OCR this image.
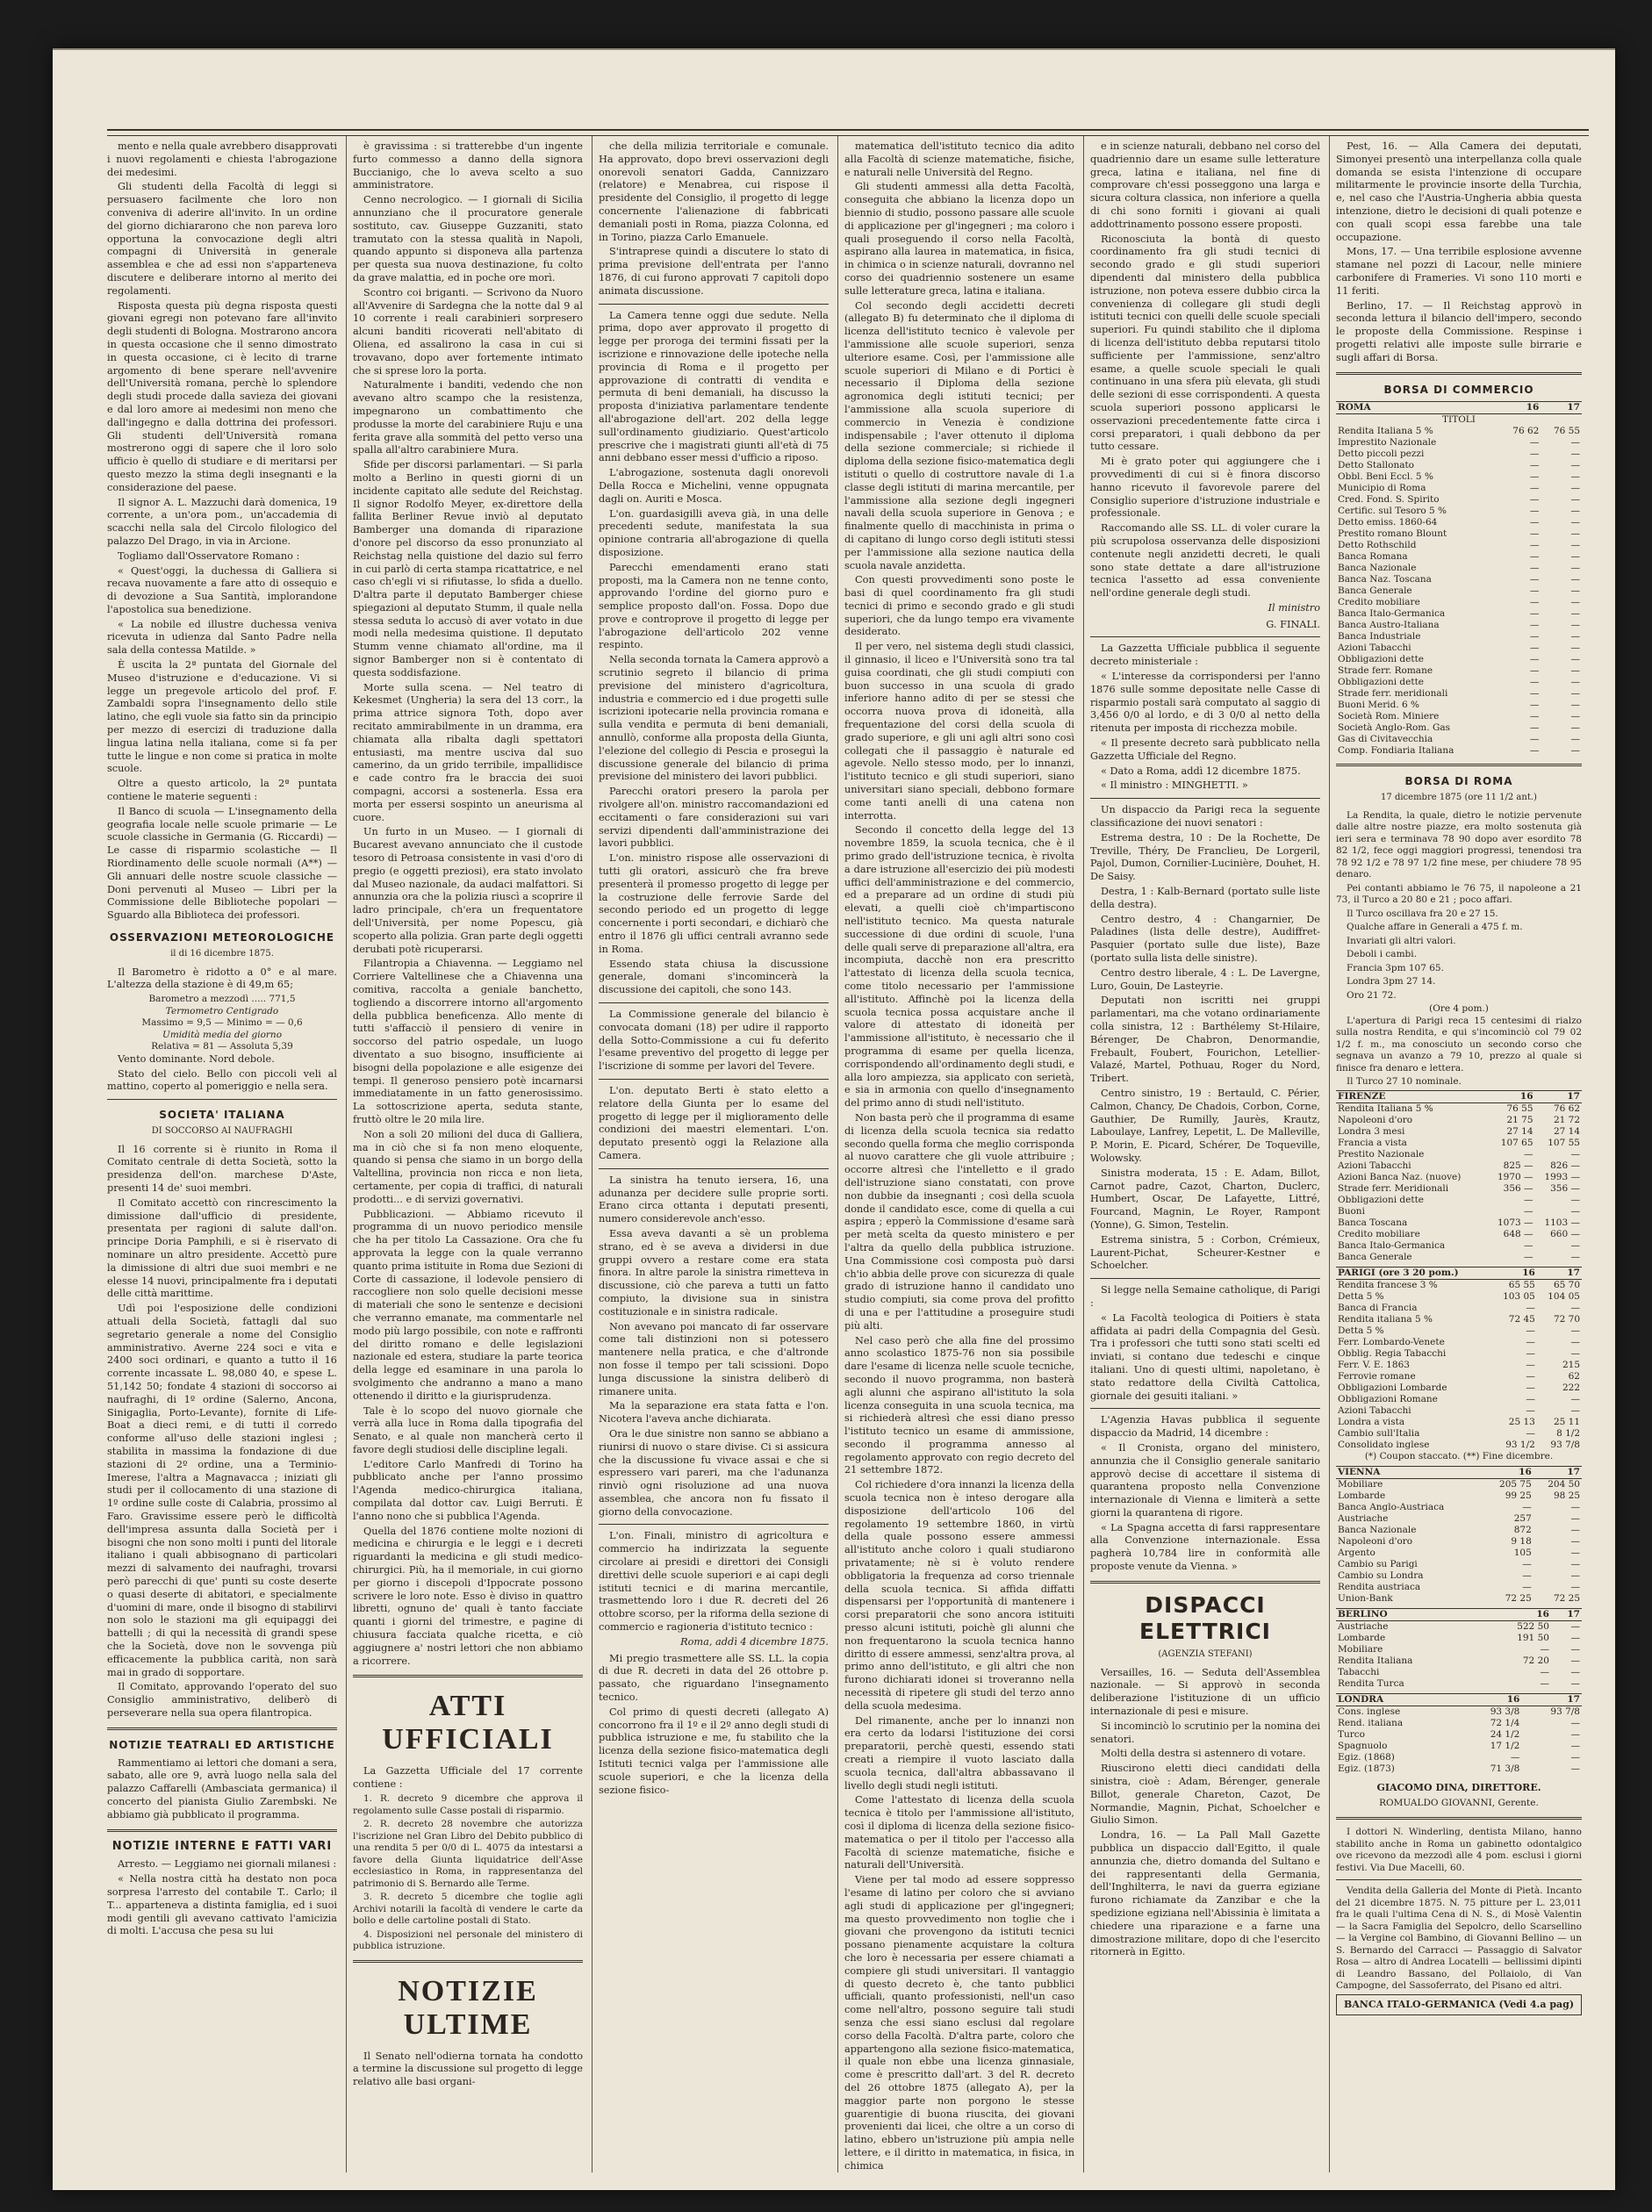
mento e nella quale avrebbero disapprovati i nuovi regolamenti e chiesta l'abrogazione dei medesimi.

Gli studenti della Facoltà di leggi si persuasero facilmente che loro non conveniva di aderire all'invito. In un ordine del giorno dichiararono che non pareva loro opportuna la convocazione degli altri compagni di Università in generale assemblea e che ad essi non s'apparteneva discutere e deliberare intorno al merito dei regolamenti.

Risposta questa più degna risposta questi giovani egregi non potevano fare all'invito degli studenti di Bologna. Mostrarono ancora in questa occasione che il senno dimostrato in questa occasione, ci è lecito di trarne argomento di bene sperare nell'avvenire dell'Università romana, perchè lo splendore degli studi procede dalla savieza dei giovani e dal loro amore ai medesimi non meno che dall'ingegno e dalla dottrina dei professori. Gli studenti dell'Università romana mostrerono oggi di sapere che il loro solo ufficio è quello di studiare e di meritarsi per questo mezzo la stima degli insegnanti e la considerazione del paese.

Il signor A. L. Mazzuchi darà domenica, 19 corrente, a un'ora pom., un'accademia di scacchi nella sala del Circolo filologico del palazzo Del Drago, in via in Arcione.

Togliamo dall'Osservatore Romano :

« Quest'oggi, la duchessa di Galliera si recava nuovamente a fare atto di ossequio e di devozione a Sua Santità, implorandone l'apostolica sua benedizione.

« La nobile ed illustre duchessa veniva ricevuta in udienza dal Santo Padre nella sala della contessa Matilde. »

È uscita la 2ª puntata del Giornale del Museo d'istruzione e d'educazione. Vi si legge un pregevole articolo del prof. F. Zambaldi sopra l'insegnamento dello stile latino, che egli vuole sia fatto sin da principio per mezzo di esercizi di traduzione dalla lingua latina nella italiana, come si fa per tutte le lingue e non come si pratica in molte scuole.

Oltre a questo articolo, la 2ª puntata contiene le materie seguenti :

Il Banco di scuola — L'insegnamento della geografia locale nelle scuole primarie — Le scuole classiche in Germania (G. Riccardi) — Le casse di risparmio scolastiche — Il Riordinamento delle scuole normali (A**) — Gli annuari delle nostre scuole classiche — Doni pervenuti al Museo — Libri per la Commissione delle Biblioteche popolari — Sguardo alla Biblioteca dei professori.

OSSERVAZIONI METEOROLOGICHE
il di 16 dicembre 1875.

Il Barometro è ridotto a 0° e al mare. L'altezza della stazione è di 49,m 65;

Barometro a mezzodì ..... 771,5
Termometro Centigrado
Massimo = 9,5 — Minimo = — 0,6
Umidità media del giorno
Relativa = 81 — Assoluta 5,39

Vento dominante. Nord debole.

Stato del cielo. Bello con piccoli veli al mattino, coperto al pomeriggio e nella sera.

SOCIETA' ITALIANA
DI SOCCORSO AI NAUFRAGHI

Il 16 corrente si è riunito in Roma il Comitato centrale di detta Società, sotto la presidenza dell'on. marchese D'Aste, presenti 14 de' suoi membri.

Il Comitato accettò con rincrescimento la dimissione dall'ufficio di presidente, presentata per ragioni di salute dall'on. principe Doria Pamphili, e si è riservato di nominare un altro presidente. Accettò pure la dimissione di altri due suoi membri e ne elesse 14 nuovi, principalmente fra i deputati delle città marittime.

Udì poi l'esposizione delle condizioni attuali della Società, fattagli dal suo segretario generale a nome del Consiglio amministrativo. Averne 224 soci e vita e 2400 soci ordinari, e quanto a tutto il 16 corrente incassate L. 98,080 40, e spese L. 51,142 50; fondate 4 stazioni di soccorso ai naufraghi, di 1º ordine (Salerno, Ancona, Sinigaglia, Porto-Levante), fornite di Life-Boat a dieci remi, e di tutti il corredo conforme all'uso delle stazioni inglesi ; stabilita in massima la fondazione di due stazioni di 2º ordine, una a Terminio-Imerese, l'altra a Magnavacca ; iniziati gli studi per il collocamento di una stazione di 1º ordine sulle coste di Calabria, prossimo al Faro. Gravissime essere però le difficoltà dell'impresa assunta dalla Società per i bisogni che non sono molti i punti del litorale italiano i quali abbisognano di particolari mezzi di salvamento dei naufraghi, trovarsi però parecchi di que' punti su coste deserte o quasi deserte di abitatori, e specialmente d'uomini di mare, onde il bisogno di stabilirvi non solo le stazioni ma gli equipaggi dei battelli ; di qui la necessità di grandi spese che la Società, dove non le sovvenga più efficacemente la pubblica carità, non sarà mai in grado di sopportare.

Il Comitato, approvando l'operato del suo Consiglio amministrativo, deliberò di perseverare nella sua opera filantropica.

NOTIZIE TEATRALI ED ARTISTICHE

Rammentiamo ai lettori che domani a sera, sabato, alle ore 9, avrà luogo nella sala del palazzo Caffarelli (Ambasciata germanica) il concerto del pianista Giulio Zarembski. Ne abbiamo già pubblicato il programma.

NOTIZIE INTERNE E FATTI VARI

Arresto. — Leggiamo nei giornali milanesi :

« Nella nostra città ha destato non poca sorpresa l'arresto del contabile T.. Carlo; il T... apparteneva a distinta famiglia, ed i suoi modi gentili gli avevano cattivato l'amicizia di molti. L'accusa che pesa su lui

è gravissima : si tratterebbe d'un ingente furto commesso a danno della signora Buccianigo, che lo aveva scelto a suo amministratore.

Cenno necrologico. — I giornali di Sicilia annunziano che il procuratore generale sostituto, cav. Giuseppe Guzzaniti, stato tramutato con la stessa qualità in Napoli, quando appunto si disponeva alla partenza per questa sua nuova destinazione, fu colto da grave malattia, ed in poche ore morì.

Scontro coi briganti. — Scrivono da Nuoro all'Avvenire di Sardegna che la notte dal 9 al 10 corrente i reali carabinieri sorpresero alcuni banditi ricoverati nell'abitato di Oliena, ed assalirono la casa in cui si trovavano, dopo aver fortemente intimato che si sprese loro la porta.

Naturalmente i banditi, vedendo che non avevano altro scampo che la resistenza, impegnarono un combattimento che produsse la morte del carabiniere Ruju e una ferita grave alla sommità del petto verso una spalla all'altro carabiniere Mura.

Sfide per discorsi parlamentari. — Si parla molto a Berlino in questi giorni di un incidente capitato alle sedute del Reichstag. Il signor Rodolfo Meyer, ex-direttore della fallita Berliner Revue inviò al deputato Bamberger una domanda di riparazione d'onore pel discorso da esso pronunziato al Reichstag nella quistione del dazio sul ferro in cui parlò di certa stampa ricattatrice, e nel caso ch'egli vi si rifiutasse, lo sfida a duello. D'altra parte il deputato Bamberger chiese spiegazioni al deputato Stumm, il quale nella stessa seduta lo accusò di aver votato in due modi nella medesima quistione. Il deputato Stumm venne chiamato all'ordine, ma il signor Bamberger non si è contentato di questa soddisfazione.

Morte sulla scena. — Nel teatro di Kekesmet (Ungheria) la sera del 13 corr., la prima attrice signora Toth, dopo aver recitato ammirabilmente in un dramma, era chiamata alla ribalta dagli spettatori entusiasti, ma mentre usciva dal suo camerino, da un grido terribile, impallidisce e cade contro fra le braccia dei suoi compagni, accorsi a sostenerla. Essa era morta per essersi sospinto un aneurisma al cuore.

Un furto in un Museo. — I giornali di Bucarest avevano annunciato che il custode tesoro di Petroasa consistente in vasi d'oro di pregio (e oggetti preziosi), era stato involato dal Museo nazionale, da audaci malfattori. Si annunzia ora che la polizia riuscì a scoprire il ladro principale, ch'era un frequentatore dell'Università, per nome Popescu, già scoperto alla polizia. Gran parte degli oggetti derubati potè ricuperarsi.

Filantropia a Chiavenna. — Leggiamo nel Corriere Valtellinese che a Chiavenna una comitiva, raccolta a geniale banchetto, togliendo a discorrere intorno all'argomento della pubblica beneficenza. Allo mente di tutti s'affacciò il pensiero di venire in soccorso del patrio ospedale, un luogo diventato a suo bisogno, insufficiente ai bisogni della popolazione e alle esigenze dei tempi. Il generoso pensiero potè incarnarsi immediatamente in un fatto generosissimo. La sottoscrizione aperta, seduta stante, fruttò oltre le 20 mila lire.

Non a soli 20 milioni del duca di Galliera, ma in ciò che si fa non meno eloquente, quando si pensa che siamo in un borgo della Valtellina, provincia non ricca e non lieta, certamente, per copia di traffici, di naturali prodotti... e di servizi governativi.

Pubblicazioni. — Abbiamo ricevuto il programma di un nuovo periodico mensile che ha per titolo La Cassazione. Ora che fu approvata la legge con la quale verranno quanto prima istituite in Roma due Sezioni di Corte di cassazione, il lodevole pensiero di raccogliere non solo quelle decisioni messe di materiali che sono le sentenze e decisioni che verranno emanate, ma commentarle nel modo più largo possibile, con note e raffronti del diritto romano e delle legislazioni nazionale ed estera, studiare la parte teorica della legge ed esaminare in una parola lo svolgimento che andranno a mano a mano ottenendo il diritto e la giurisprudenza.

Tale è lo scopo del nuovo giornale che verrà alla luce in Roma dalla tipografia del Senato, e al quale non mancherà certo il favore degli studiosi delle discipline legali.

L'editore Carlo Manfredi di Torino ha pubblicato anche per l'anno prossimo l'Agenda medico-chirurgica italiana, compilata dal dottor cav. Luigi Berruti. È l'anno nono che si pubblica l'Agenda.

Quella del 1876 contiene molte nozioni di medicina e chirurgia e le leggi e i decreti riguardanti la medicina e gli studi medico-chirurgici. Più, ha il memoriale, in cui giorno per giorno i discepoli d'Ippocrate possono scrivere le loro note. Esso è diviso in quattro libretti, ognuno de' quali è tanto facciate quanti i giorni del trimestre, e pagine di chiusura facciata qualche ricetta, e ciò aggiugnere a' nostri lettori che non abbiamo a ricorrere.

ATTI UFFICIALI

La Gazzetta Ufficiale del 17 corrente contiene :

1. R. decreto 9 dicembre che approva il regolamento sulle Casse postali di risparmio.

2. R. decreto 28 novembre che autorizza l'iscrizione nel Gran Libro del Debito pubblico di una rendita 5 per 0/0 di L. 4075 da intestarsi a favore della Giunta liquidatrice dell'Asse ecclesiastico in Roma, in rappresentanza del patrimonio di S. Bernardo alle Terme.

3. R. decreto 5 dicembre che toglie agli Archivi notarili la facoltà di vendere le carte da bollo e delle cartoline postali di Stato.

4. Disposizioni nel personale del ministero di pubblica istruzione.

NOTIZIE ULTIME

Il Senato nell'odierna tornata ha condotto a termine la discussione sul progetto di legge relativo alle basi organi-

che della milizia territoriale e comunale. Ha approvato, dopo brevi osservazioni degli onorevoli senatori Gadda, Cannizzaro (relatore) e Menabrea, cui rispose il presidente del Consiglio, il progetto di legge concernente l'alienazione di fabbricati demaniali posti in Roma, piazza Colonna, ed in Torino, piazza Carlo Emanuele.

S'intraprese quindi a discutere lo stato di prima previsione dell'entrata per l'anno 1876, di cui furono approvati 7 capitoli dopo animata discussione.

La Camera tenne oggi due sedute. Nella prima, dopo aver approvato il progetto di legge per proroga dei termini fissati per la iscrizione e rinnovazione delle ipoteche nella provincia di Roma e il progetto per approvazione di contratti di vendita e permuta di beni demaniali, ha discusso la proposta d'iniziativa parlamentare tendente all'abrogazione dell'art. 202 della legge sull'ordinamento giudiziario. Quest'articolo prescrive che i magistrati giunti all'età di 75 anni debbano esser messi d'ufficio a riposo.

L'abrogazione, sostenuta dagli onorevoli Della Rocca e Michelini, venne oppugnata dagli on. Auriti e Mosca.

L'on. guardasigilli aveva già, in una delle precedenti sedute, manifestata la sua opinione contraria all'abrogazione di quella disposizione.

Parecchi emendamenti erano stati proposti, ma la Camera non ne tenne conto, approvando l'ordine del giorno puro e semplice proposto dall'on. Fossa. Dopo due prove e controprove il progetto di legge per l'abrogazione dell'articolo 202 venne respinto.

Nella seconda tornata la Camera approvò a scrutinio segreto il bilancio di prima previsione del ministero d'agricoltura, industria e commercio ed i due progetti sulle iscrizioni ipotecarie nella provincia romana e sulla vendita e permuta di beni demaniali, annullò, conforme alla proposta della Giunta, l'elezione del collegio di Pescia e proseguì la discussione generale del bilancio di prima previsione del ministero dei lavori pubblici.

Parecchi oratori presero la parola per rivolgere all'on. ministro raccomandazioni ed eccitamenti o fare considerazioni sui vari servizi dipendenti dall'amministrazione dei lavori pubblici.

L'on. ministro rispose alle osservazioni di tutti gli oratori, assicurò che fra breve presenterà il promesso progetto di legge per la costruzione delle ferrovie Sarde del secondo periodo ed un progetto di legge concernente i porti secondari, e dichiarò che entro il 1876 gli uffici centrali avranno sede in Roma.

Essendo stata chiusa la discussione generale, domani s'incomincerà la discussione dei capitoli, che sono 143.

La Commissione generale del bilancio è convocata domani (18) per udire il rapporto della Sotto-Commissione a cui fu deferito l'esame preventivo del progetto di legge per l'iscrizione di somme per lavori del Tevere.

L'on. deputato Berti è stato eletto a relatore della Giunta per lo esame del progetto di legge per il miglioramento delle condizioni dei maestri elementari. L'on. deputato presentò oggi la Relazione alla Camera.

La sinistra ha tenuto iersera, 16, una adunanza per decidere sulle proprie sorti. Erano circa ottanta i deputati presenti, numero considerevole anch'esso.

Essa aveva davanti a sè un problema strano, ed è se aveva a dividersi in due gruppi ovvero a restare come era stata finora. In altre parole la sinistra rimetteva in discussione, ciò che pareva a tutti un fatto compiuto, la divisione sua in sinistra costituzionale e in sinistra radicale.

Non avevano poi mancato di far osservare come tali distinzioni non si potessero mantenere nella pratica, e che d'altronde non fosse il tempo per tali scissioni. Dopo lunga discussione la sinistra deliberò di rimanere unita.

Ma la separazione era stata fatta e l'on. Nicotera l'aveva anche dichiarata.

Ora le due sinistre non sanno se abbiano a riunirsi di nuovo o stare divise. Ci si assicura che la discussione fu vivace assai e che si espressero vari pareri, ma che l'adunanza rinviò ogni risoluzione ad una nuova assemblea, che ancora non fu fissato il giorno della convocazione.

L'on. Finali, ministro di agricoltura e commercio ha indirizzata la seguente circolare ai presidi e direttori dei Consigli direttivi delle scuole superiori e ai capi degli istituti tecnici e di marina mercantile, trasmettendo loro i due R. decreti del 26 ottobre scorso, per la riforma della sezione di commercio e ragioneria d'istituto tecnico :

Roma, addì 4 dicembre 1875.

Mi pregio trasmettere alle SS. LL. la copia di due R. decreti in data del 26 ottobre p. passato, che riguardano l'insegnamento tecnico.

Col primo di questi decreti (allegato A) concorrono fra il 1º e il 2º anno degli studi di pubblica istruzione e me, fu stabilito che la licenza della sezione fisico-matematica degli Istituti tecnici valga per l'ammissione alle scuole superiori, e che la licenza della sezione fisico-

matematica dell'istituto tecnico dia adito alla Facoltà di scienze matematiche, fisiche, e naturali nelle Università del Regno.

Gli studenti ammessi alla detta Facoltà, conseguita che abbiano la licenza dopo un biennio di studio, possono passare alle scuole di applicazione per gl'ingegneri ; ma coloro i quali proseguendo il corso nella Facoltà, aspirano alla laurea in matematica, in fisica, in chimica o in scienze naturali, dovranno nel corso dei quadriennio sostenere un esame sulle letterature greca, latina e italiana.

Col secondo degli accidetti decreti (allegato B) fu determinato che il diploma di licenza dell'istituto tecnico è valevole per l'ammissione alle scuole superiori, senza ulteriore esame. Così, per l'ammissione alle scuole superiori di Milano e di Portici è necessario il Diploma della sezione agronomica degli istituti tecnici; per l'ammissione alla scuola superiore di commercio in Venezia è condizione indispensabile ; l'aver ottenuto il diploma della sezione commerciale; si richiede il diploma della sezione fisico-matematica degli istituti o quello di costruttore navale di 1.a classe degli istituti di marina mercantile, per l'ammissione alla sezione degli ingegneri navali della scuola superiore in Genova ; e finalmente quello di macchinista in prima o di capitano di lungo corso degli istituti stessi per l'ammissione alla sezione nautica della scuola navale anzidetta.

Con questi provvedimenti sono poste le basi di quel coordinamento fra gli studi tecnici di primo e secondo grado e gli studi superiori, che da lungo tempo era vivamente desiderato.

Il per vero, nel sistema degli studi classici, il ginnasio, il liceo e l'Università sono tra tal guisa coordinati, che gli studi compiuti con buon successo in una scuola di grado inferiore hanno adito di per se stessi che occorra nuova prova di idoneità, alla frequentazione del corsi della scuola di grado superiore, e gli uni agli altri sono così collegati che il passaggio è naturale ed agevole. Nello stesso modo, per lo innanzi, l'istituto tecnico e gli studi superiori, siano universitari siano speciali, debbono formare come tanti anelli di una catena non interrotta.

Secondo il concetto della legge del 13 novembre 1859, la scuola tecnica, che è il primo grado dell'istruzione tecnica, è rivolta a dare istruzione all'esercizio dei più modesti uffici dell'amministrazione e del commercio, ed a preparare ad un ordine di studi più elevati, a quelli cioè ch'impartiscono nell'istituto tecnico. Ma questa naturale successione di due ordini di scuole, l'una delle quali serve di preparazione all'altra, era incompiuta, dacchè non era prescritto l'attestato di licenza della scuola tecnica, come titolo necessario per l'ammissione all'istituto. Affinchè poi la licenza della scuola tecnica possa acquistare anche il valore di attestato di idoneità per l'ammissione all'istituto, è necessario che il programma di esame per quella licenza, corrispondendo all'ordinamento degli studi, e alla loro ampiezza, sia applicato con serietà, e sia in armonia con quello d'insegnamento del primo anno di studi nell'istituto.

Non basta però che il programma di esame di licenza della scuola tecnica sia redatto secondo quella forma che meglio corrisponda al nuovo carattere che gli vuole attribuire ; occorre altresì che l'intelletto e il grado dell'istruzione siano constatati, con prove non dubbie da insegnanti ; così della scuola donde il candidato esce, come di quella a cui aspira ; epperò la Commissione d'esame sarà per metà scelta da questo ministero e per l'altra da quello della pubblica istruzione. Una Commissione così composta può darsi ch'io abbia delle prove con sicurezza di quale grado di istruzione hanno il candidato uno studio compiuti, sia come prova del profitto di una e per l'attitudine a proseguire studi più alti.

Nel caso però che alla fine del prossimo anno scolastico 1875-76 non sia possibile dare l'esame di licenza nelle scuole tecniche, secondo il nuovo programma, non basterà agli alunni che aspirano all'istituto la sola licenza conseguita in una scuola tecnica, ma si richiederà altresì che essi diano presso l'istituto tecnico un esame di ammissione, secondo il programma annesso al regolamento approvato con regio decreto del 21 settembre 1872.

Col richiedere d'ora innanzi la licenza della scuola tecnica non è inteso derogare alla disposizione dell'articolo 106 del regolamento 19 settembre 1860, in virtù della quale possono essere ammessi all'istituto anche coloro i quali studiarono privatamente; nè si è voluto rendere obbligatoria la frequenza ad corso triennale della scuola tecnica. Si affida diffatti dispensarsi per l'opportunità di mantenere i corsi preparatorii che sono ancora istituiti presso alcuni istituti, poichè gli alunni che non frequentarono la scuola tecnica hanno diritto di essere ammessi, senz'altra prova, al primo anno dell'istituto, e gli altri che non furono dichiarati idonei si troveranno nella necessità di ripetere gli studi del terzo anno della scuola medesima.

Del rimanente, anche per lo innanzi non era certo da lodarsi l'istituzione dei corsi preparatorii, perchè questi, essendo stati creati a riempire il vuoto lasciato dalla scuola tecnica, dall'altra abbassavano il livello degli studi negli istituti.

Come l'attestato di licenza della scuola tecnica è titolo per l'ammissione all'istituto, così il diploma di licenza della sezione fisico-matematica o per il titolo per l'accesso alla Facoltà di scienze matematiche, fisiche e naturali dell'Università.

Viene per tal modo ad essere soppresso l'esame di latino per coloro che si avviano agli studi di applicazione per gl'ingegneri; ma questo provvedimento non toglie che i giovani che provengono da istituti tecnici possano pienamente acquistare la coltura che loro è necessaria per essere chiamati a compiere gli studi universitari. Il vantaggio di questo decreto è, che tanto pubblici ufficiali, quanto professionisti, nell'un caso come nell'altro, possono seguire tali studi senza che essi siano esclusi dal regolare corso della Facoltà. D'altra parte, coloro che appartengono alla sezione fisico-matematica, il quale non ebbe una licenza ginnasiale, come è prescritto dall'art. 3 del R. decreto del 26 ottobre 1875 (allegato A), per la maggior parte non porgono le stesse guarentigie di buona riuscita, dei giovani provenienti dai licei, che oltre a un corso di latino, ebbero un'istruzione più ampia nelle lettere, e il diritto in matematica, in fisica, in chimica

e in scienze naturali, debbano nel corso del quadriennio dare un esame sulle letterature greca, latina e italiana, nel fine di comprovare ch'essi posseggono una larga e sicura coltura classica, non inferiore a quella di chi sono forniti i giovani ai quali addottrinamento possono essere proposti.

Riconosciuta la bontà di questo coordinamento fra gli studi tecnici di secondo grado e gli studi superiori dipendenti dal ministero della pubblica istruzione, non poteva essere dubbio circa la convenienza di collegare gli studi degli istituti tecnici con quelli delle scuole speciali superiori. Fu quindi stabilito che il diploma di licenza dell'istituto debba reputarsi titolo sufficiente per l'ammissione, senz'altro esame, a quelle scuole speciali le quali continuano in una sfera più elevata, gli studi delle sezioni di esse corrispondenti. A questa scuola superiori possono applicarsi le osservazioni precedentemente fatte circa i corsi preparatori, i quali debbono da per tutto cessare.

Mi è grato poter qui aggiungere che i provvedimenti di cui si è finora discorso hanno ricevuto il favorevole parere del Consiglio superiore d'istruzione industriale e professionale.

Raccomando alle SS. LL. di voler curare la più scrupolosa osservanza delle disposizioni contenute negli anzidetti decreti, le quali sono state dettate a dare all'istruzione tecnica l'assetto ad essa conveniente nell'ordine generale degli studi.

Il ministro
G. FINALI.

La Gazzetta Ufficiale pubblica il seguente decreto ministeriale :

« L'interesse da corrispondersi per l'anno 1876 sulle somme depositate nelle Casse di risparmio postali sarà computato al saggio di 3,456 0/0 al lordo, e di 3 0/0 al netto della ritenuta per imposta di ricchezza mobile.

« Il presente decreto sarà pubblicato nella Gazzetta Ufficiale del Regno.

« Dato a Roma, addì 12 dicembre 1875.

« Il ministro : MINGHETTI. »

Un dispaccio da Parigi reca la seguente classificazione dei nuovi senatori :

Estrema destra, 10 : De la Rochette, De Treville, Théry, De Franclieu, De Lorgeril, Pajol, Dumon, Cornilier-Lucinière, Douhet, H. De Saisy.

Destra, 1 : Kalb-Bernard (portato sulle liste della destra).

Centro destro, 4 : Changarnier, De Paladines (lista delle destre), Audiffret-Pasquier (portato sulle due liste), Baze (portato sulla lista delle sinistre).

Centro destro liberale, 4 : L. De Lavergne, Luro, Gouin, De Lasteyrie.

Deputati non iscritti nei gruppi parlamentari, ma che votano ordinariamente colla sinistra, 12 : Barthélemy St-Hilaire, Bérenger, De Chabron, Denormandie, Frebault, Foubert, Fourichon, Letellier-Valazé, Martel, Pothuau, Roger du Nord, Tribert.

Centro sinistro, 19 : Bertauld, C. Périer, Calmon, Chancy, De Chadois, Corbon, Corne, Gauthier, De Rumilly, Jaurès, Krautz, Laboulaye, Lanfrey, Lepetit, L. De Malleville, P. Morin, E. Picard, Schérer, De Toqueville, Wolowsky.

Sinistra moderata, 15 : E. Adam, Billot, Carnot padre, Cazot, Charton, Duclerc, Humbert, Oscar, De Lafayette, Littré, Fourcand, Magnin, Le Royer, Rampont (Yonne), G. Simon, Testelin.

Estrema sinistra, 5 : Corbon, Crémieux, Laurent-Pichat, Scheurer-Kestner e Schoelcher.

Si legge nella Semaine catholique, di Parigi :

« La Facoltà teologica di Poitiers è stata affidata ai padri della Compagnia del Gesù. Tra i professori che tutti sono stati scelti ed inviati, si contano due tedeschi e cinque italiani. Uno di questi ultimi, napoletano, è stato redattore della Civiltà Cattolica, giornale dei gesuiti italiani. »

L'Agenzia Havas pubblica il seguente dispaccio da Madrid, 14 dicembre :

« Il Cronista, organo del ministero, annunzia che il Consiglio generale sanitario approvò decise di accettare il sistema di quarantena proposto nella Convenzione internazionale di Vienna e limiterà a sette giorni la quarantena di rigore.

« La Spagna accetta di farsi rappresentare alla Convenzione internazionale. Essa pagherà 10,784 lire in conformità alle proposte venute da Vienna. »

DISPACCI ELETTRICI
(AGENZIA STEFANI)

Versailles, 16. — Seduta dell'Assemblea nazionale. — Si approvò in seconda deliberazione l'istituzione di un ufficio internazionale di pesi e misure.

Si incominciò lo scrutinio per la nomina dei senatori.

Molti della destra si astennero di votare.

Riuscirono eletti dieci candidati della sinistra, cioè : Adam, Bérenger, generale Billot, generale Chareton, Cazot, De Normandie, Magnin, Pichat, Schoelcher e Giulio Simon.

Londra, 16. — La Pall Mall Gazette pubblica un dispaccio dall'Egitto, il quale annunzia che, dietro domanda del Sultano e dei rappresentanti della Germania, dell'Inghilterra, le navi da guerra egiziane furono richiamate da Zanzibar e che la spedizione egiziana nell'Abissinia è limitata a chiedere una riparazione e a farne una dimostrazione militare, dopo di che l'esercito ritornerà in Egitto.

Pest, 16. — Alla Camera dei deputati, Simonyei presentò una interpellanza colla quale domanda se esista l'intenzione di occupare militarmente le provincie insorte della Turchia, e, nel caso che l'Austria-Ungheria abbia questa intenzione, dietro le decisioni di quali potenze e con quali scopi essa farebbe una tale occupazione.

Mons, 17. — Una terribile esplosione avvenne stamane nel pozzi di Lacour, nelle miniere carbonifere di Frameries. Vi sono 110 morti e 11 feriti.

Berlino, 17. — Il Reichstag approvò in seconda lettura il bilancio dell'impero, secondo le proposte della Commissione. Respinse i progetti relativi alle imposte sulle birrarie e sugli affari di Borsa.

BORSA DI COMMERCIO
ROMA	16	17
TITOLI		
Rendita Italiana 5 %	76 62	76 55
Imprestito Nazionale	—	—
Detto piccoli pezzi	—	—
Detto Stallonato	—	—
Obbl. Beni Eccl. 5 %	—	—
Municipio di Roma	—	—
Cred. Fond. S. Spirito	—	—
Certific. sul Tesoro 5 %	—	—
Detto emiss. 1860-64	—	—
Prestito romano Blount	—	—
Detto Rothschild	—	—
Banca Romana	—	—
Banca Nazionale	—	—
Banca Naz. Toscana	—	—
Banca Generale	—	—
Credito mobiliare	—	—
Banca Italo-Germanica	—	—
Banca Austro-Italiana	—	—
Banca Industriale	—	—
Azioni Tabacchi	—	—
Obbligazioni dette	—	—
Strade ferr. Romane	—	—
Obbligazioni dette	—	—
Strade ferr. meridionali	—	—
Buoni Merid. 6 %	—	—
Società Rom. Miniere	—	—
Società Anglo-Rom. Gas	—	—
Gas di Civitavecchia	—	—
Comp. Fondiaria Italiana	—	—
BORSA DI ROMA
17 dicembre 1875 (ore 11 1/2 ant.)

La Rendita, la quale, dietro le notizie pervenute dalle altre nostre piazze, era molto sostenuta già ieri sera e terminava 78 90 dopo aver esordito 78 82 1/2, fece oggi maggiori progressi, tenendosi tra 78 92 1/2 e 78 97 1/2 fine mese, per chiudere 78 95 denaro.

Pei contanti abbiamo le 76 75, il napoleone a 21 73, il Turco a 20 80 e 21 ; poco affari.

Il Turco oscillava fra 20 e 27 15.

Qualche affare in Generali a 475 f. m.

Invariati gli altri valori.

Deboli i cambi.

Francia 3pm 107 65.

Londra 3pm 27 14.

Oro 21 72.

(Ore 4 pom.)

L'apertura di Parigi reca 15 centesimi di rialzo sulla nostra Rendita, e qui s'incominciò col 79 02 1/2 f. m., ma conosciuto un secondo corso che segnava un avanzo a 79 10, prezzo al quale si finisce fra denaro e lettera.

Il Turco 27 10 nominale.

FIRENZE	16	17
Rendita Italiana 5 %	76 55	76 62
Napoleoni d'oro	21 75	21 72
Londra 3 mesi	27 14	27 14
Francia a vista	107 65	107 55
Prestito Nazionale	—	—
Azioni Tabacchi	825 —	826 —
Azioni Banca Naz. (nuove)	1970 —	1993 —
Strade ferr. Meridionali	356 —	356 —
Obbligazioni dette	—	—
Buoni	—	—
Banca Toscana	1073 —	1103 —
Credito mobiliare	648 —	660 —
Banca Italo-Germanica	—	—
Banca Generale	—	—
PARIGI (ore 3 20 pom.)	16	17
Rendita francese 3 %	65 55	65 70
Detta 5 %	103 05	104 05
Banca di Francia	—	—
Rendita italiana 5 %	72 45	72 70
Detta 5 %	—	—
Ferr. Lombardo-Venete	—	—
Obblig. Regia Tabacchi	—	—
Ferr. V. E. 1863	—	215
Ferrovie romane	—	62
Obbligazioni Lombarde	—	222
Obbligazioni Romane	—	—
Azioni Tabacchi	—	—
Londra a vista	25 13	25 11
Cambio sull'Italia	—	8 1/2
Consolidato inglese	93 1/2	93 7/8
(*) Coupon staccato. (**) Fine dicembre.
VIENNA	16	17
Mobiliare	205 75	204 50
Lombarde	99 25	98 25
Banca Anglo-Austriaca	—	—
Austriache	257	—
Banca Nazionale	872	—
Napoleoni d'oro	9 18	—
Argento	105	—
Cambio su Parigi	—	—
Cambio su Londra	—	—
Rendita austriaca	—	—
Union-Bank	72 25	72 25
BERLINO	16	17
Austriache	522 50	—
Lombarde	191 50	—
Mobiliare	—	—
Rendita Italiana	72 20	—
Tabacchi	—	—
Rendita Turca	—	—
LONDRA	16	17
Cons. inglese	93 3/8	93 7/8
Rend. italiana	72 1/4	—
Turco	24 1/2	—
Spagnuolo	17 1/2	—
Egiz. (1868)	—	—
Egiz. (1873)	71 3/8	—
GIACOMO DINA, DIRETTORE.
ROMUALDO GIOVANNI, Gerente.

I dottori N. Winderling, dentista Milano, hanno stabilito anche in Roma un gabinetto odontalgico ove ricevono da mezzodì alle 4 pom. esclusi i giorni festivi. Via Due Macelli, 60.

Vendita della Galleria del Monte di Pietà. Incanto del 21 dicembre 1875. N. 75 pitture per L. 23,011 fra le quali l'ultima Cena di N. S., di Mosè Valentin — la Sacra Famiglia del Sepolcro, dello Scarsellino — la Vergine col Bambino, di Giovanni Bellino — un S. Bernardo del Carracci — Passaggio di Salvator Rosa — altro di Andrea Locatelli — bellissimi dipinti di Leandro Bassano, del Pollaiolo, di Van Campogne, del Sassoferrato, del Pisano ed altri.

BANCA ITALO-GERMANICA (Vedi 4.a pag)
